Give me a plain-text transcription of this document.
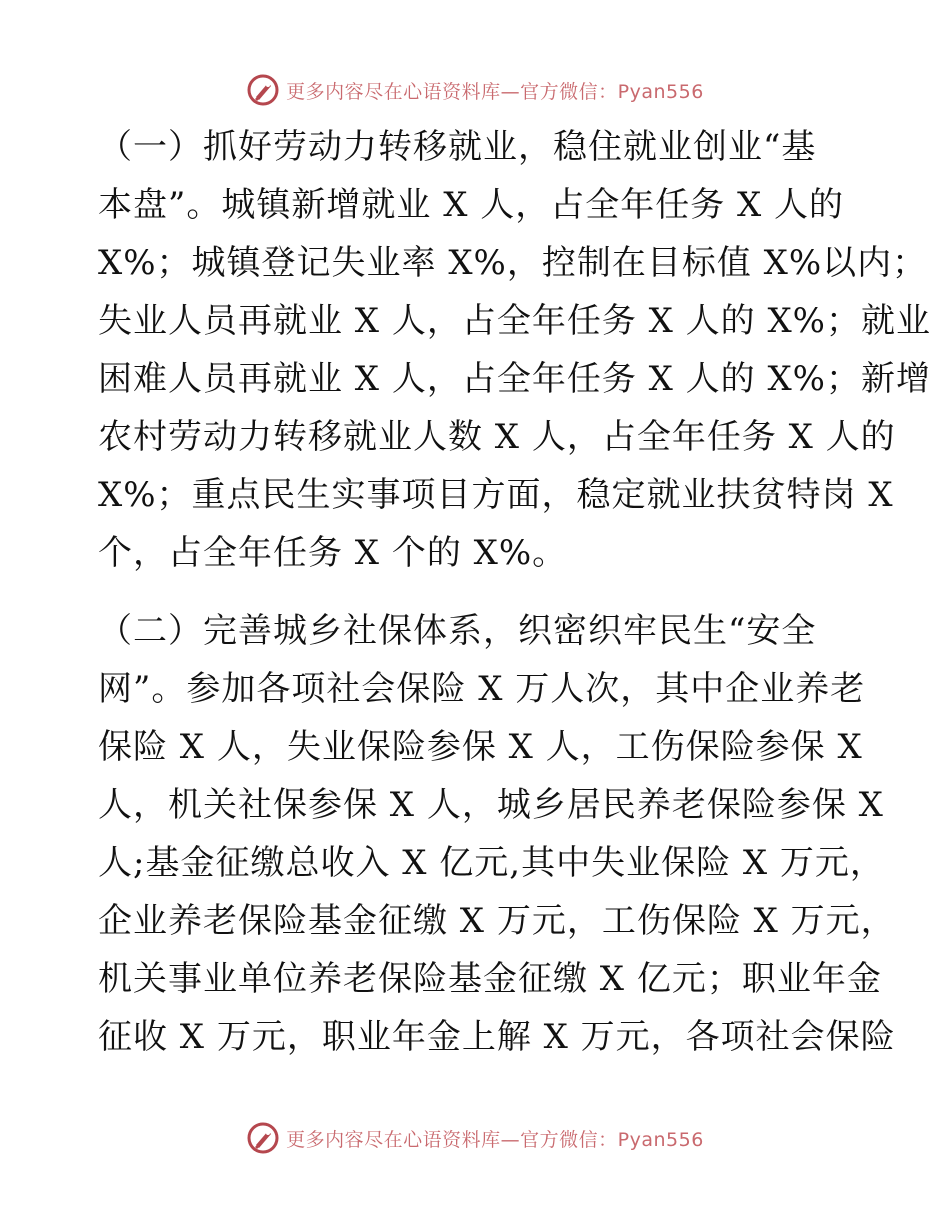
更多内容尽在心语资料库—官方微信：Pyan556

（一）抓好劳动力转移就业，稳住就业创业“基
本盘”。城镇新增就业 X 人，占全年任务 X 人的
X%；城镇登记失业率 X%，控制在目标值 X%以内；
失业人员再就业 X 人，占全年任务 X 人的 X%；就业
困难人员再就业 X 人，占全年任务 X 人的 X%；新增
农村劳动力转移就业人数 X 人，占全年任务 X 人的
X%；重点民生实事项目方面，稳定就业扶贫特岗 X
个，占全年任务 X 个的 X%。

（二）完善城乡社保体系，织密织牢民生“安全
网”。参加各项社会保险 X 万人次，其中企业养老
保险 X 人，失业保险参保 X 人，工伤保险参保 X
人，机关社保参保 X 人，城乡居民养老保险参保 X
人;基金征缴总收入 X 亿元,其中失业保险 X 万元，
企业养老保险基金征缴 X 万元，工伤保险 X 万元，
机关事业单位养老保险基金征缴 X 亿元；职业年金
征收 X 万元，职业年金上解 X 万元，各项社会保险

更多内容尽在心语资料库—官方微信：Pyan556
